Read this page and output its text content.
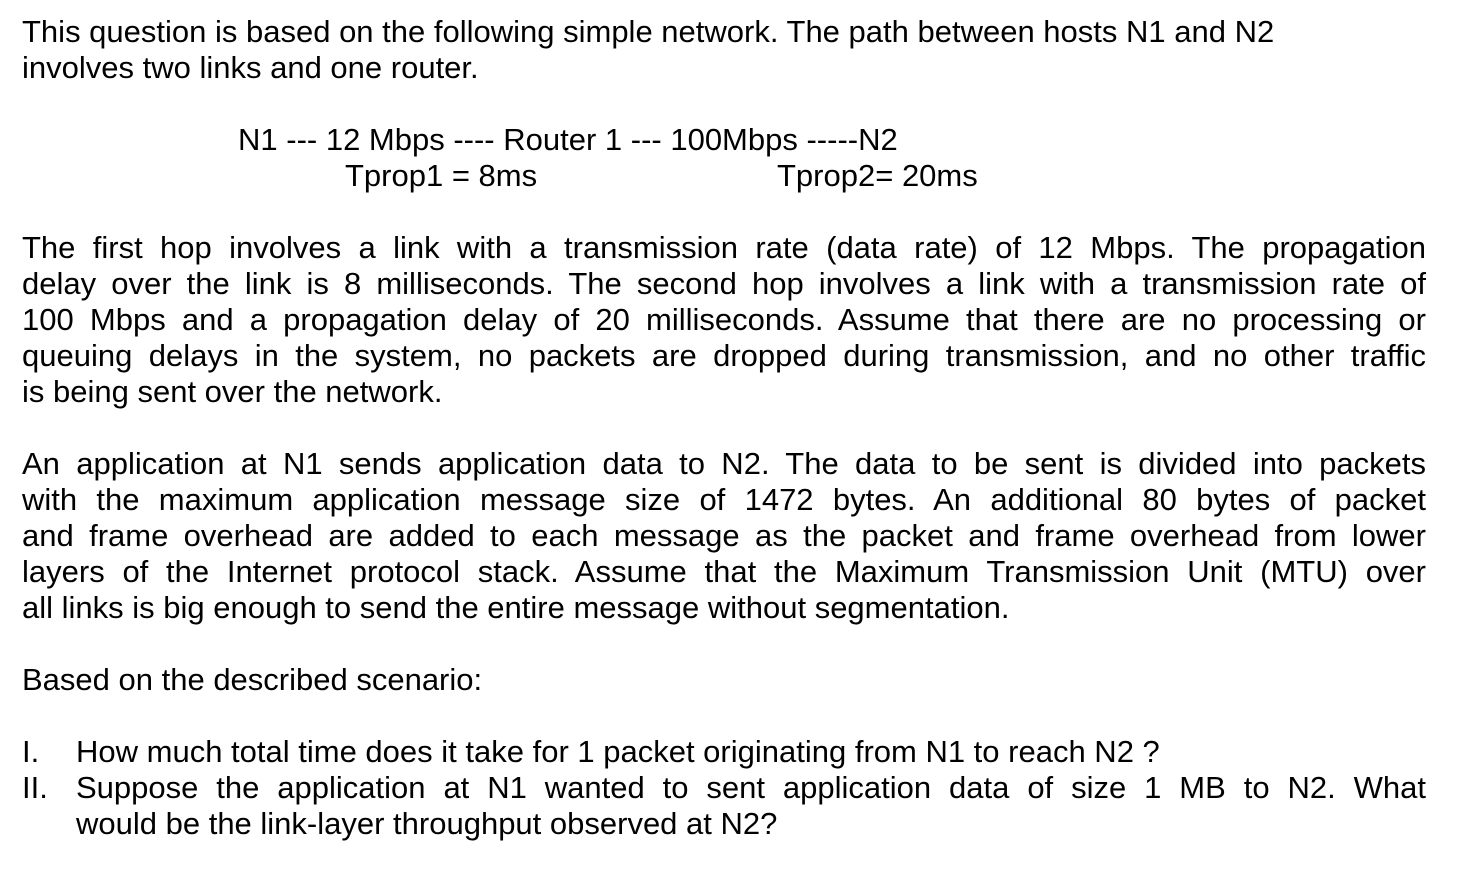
This question is based on the following simple network. The path between hosts N1 and N2
involves two links and one router.

N1 --- 12 Mbps ---- Router 1 --- 100Mbps -----N2
Tprop1 = 8ms	Tprop2= 20ms

The first hop involves a link with a transmission rate (data rate) of 12 Mbps. The propagation
delay over the link is 8 milliseconds. The second hop involves a link with a transmission rate of
100 Mbps and a propagation delay of 20 milliseconds. Assume that there are no processing or
queuing delays in the system, no packets are dropped during transmission, and no other traffic
is being sent over the network.

An application at N1 sends application data to N2. The data to be sent is divided into packets
with the maximum application message size of 1472 bytes. An additional 80 bytes of packet
and frame overhead are added to each message as the packet and frame overhead from lower
layers of the Internet protocol stack. Assume that the Maximum Transmission Unit (MTU) over
all links is big enough to send the entire message without segmentation.

Based on the described scenario:

I. How much total time does it take for 1 packet originating from N1 to reach N2 ?
II. Suppose the application at N1 wanted to sent application data of size 1 MB to N2. What
would be the link-layer throughput observed at N2?
